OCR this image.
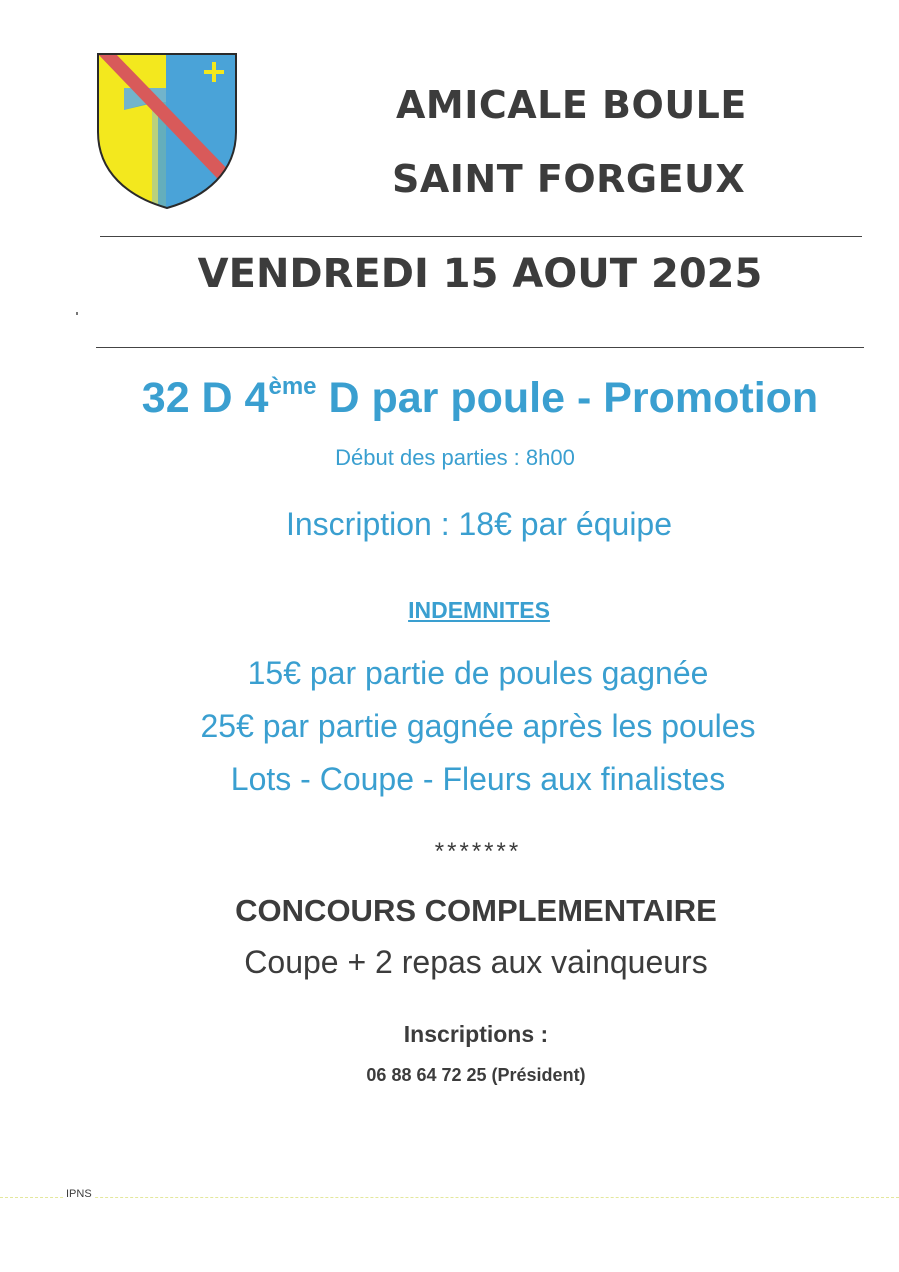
AMICALE BOULE
SAINT FORGEUX
VENDREDI 15 AOUT 2025
32 D 4ème D par poule - Promotion
Début des parties : 8h00
Inscription : 18€ par équipe
INDEMNITES
15€ par partie de poules gagnée
25€ par partie gagnée après les poules
Lots - Coupe - Fleurs aux finalistes
*******
CONCOURS COMPLEMENTAIRE
Coupe + 2 repas aux vainqueurs
Inscriptions :
06 88 64 72 25 (Président)
IPNS
